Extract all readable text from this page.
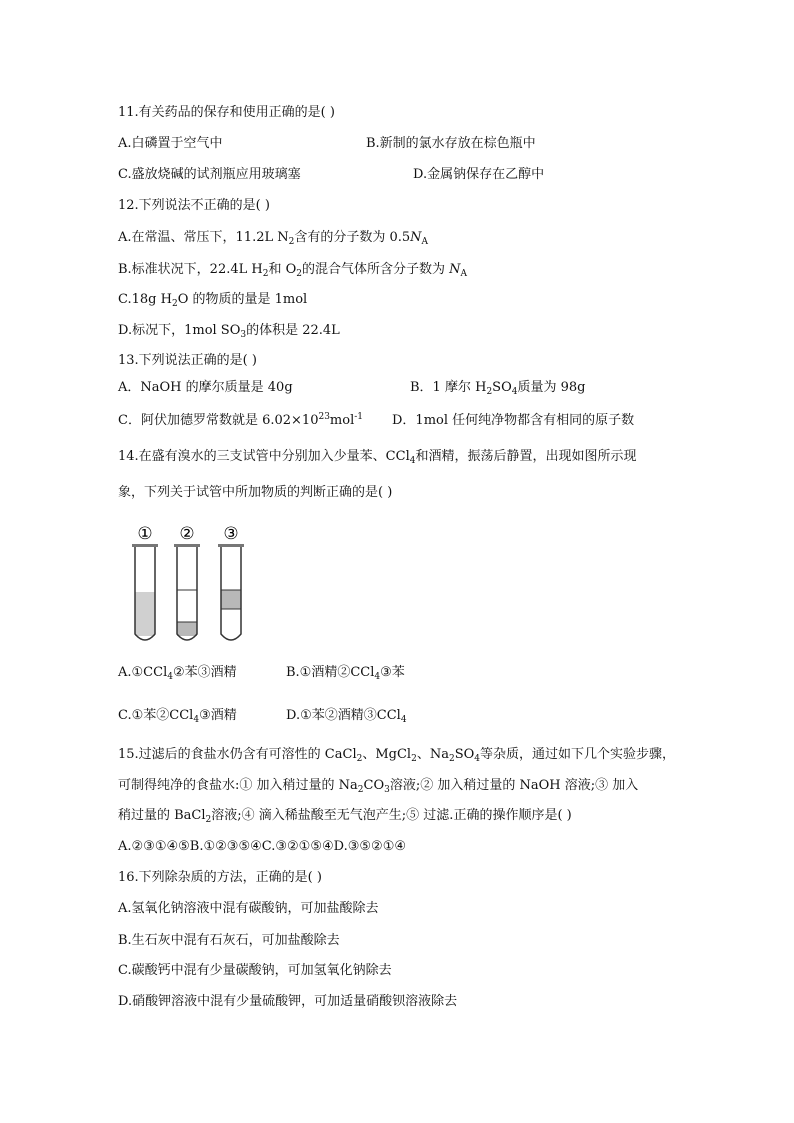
11.有关药品的保存和使用正确的是( )
A.白磷置于空气中	B.新制的氯水存放在棕色瓶中
C.盛放烧碱的试剂瓶应用玻璃塞	D.金属钠保存在乙醇中
12.下列说法不正确的是( )
A.在常温、常压下，11.2L $N_2$含有的分子数为 $0.5N_A$
B.标准状况下，22.4L $H_2$和 $O_2$的混合气体所含分子数为 $N_A$
C.18g $H_2O$ 的物质的量是 1mol
D.标况下，1mol $SO_3$的体积是 22.4L
13.下列说法正确的是( )
A．NaOH 的摩尔质量是 40g	B．1 摩尔 $H_2SO_4$质量为 98g
C．阿伏加德罗常数就是 $6.02\times 10^{23}mol^{-1}$ D．1mol 任何纯净物都含有相同的原子数
14.在盛有溴水的三支试管中分别加入少量苯、CCl$_4$和酒精，振荡后静置，出现如图所示现
象，下列关于试管中所加物质的判断正确的是( )
① ② ③
A.①CCl$_4$②苯③酒精	B.①酒精②CCl$_4$③苯
C.①苯②CCl$_4$③酒精	D.①苯②酒精③CCl$_4$
15.过滤后的食盐水仍含有可溶性的 CaCl$_2$、MgCl$_2$、$Na_2SO_4$等杂质，通过如下几个实验步骤，
可制得纯净的食盐水:① 加入稍过量的 $Na_2CO_3$溶液;② 加入稍过量的 NaOH 溶液;③ 加入
稍过量的 BaCl$_2$溶液;④ 滴入稀盐酸至无气泡产生;⑤ 过滤.正确的操作顺序是( )
A.②③①④⑤B.①②③⑤④C.③②①⑤④D.③⑤②①④
16.下列除杂质的方法，正确的是( )
A.氢氧化钠溶液中混有碳酸钠，可加盐酸除去
B.生石灰中混有石灰石，可加盐酸除去
C.碳酸钙中混有少量碳酸钠，可加氢氧化钠除去
D.硝酸钾溶液中混有少量硫酸钾，可加适量硝酸钡溶液除去
